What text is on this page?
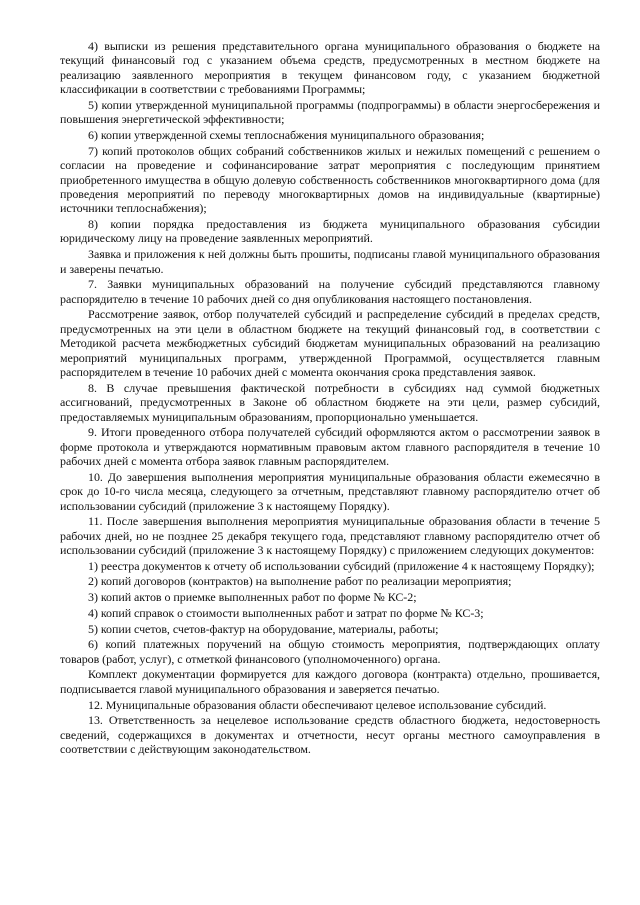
4) выписки из решения представительного органа муниципального образования о бюджете на текущий финансовый год с указанием объема средств, предусмотренных в местном бюджете на реализацию заявленного мероприятия в текущем финансовом году, с указанием бюджетной классификации в соответствии с требованиями Программы;

5) копии утвержденной муниципальной программы (подпрограммы) в области энергосбережения и повышения энергетической эффективности;

6) копии утвержденной схемы теплоснабжения муниципального образования;

7) копий протоколов общих собраний собственников жилых и нежилых помещений с решением о согласии на проведение и софинансирование затрат мероприятия с последующим принятием приобретенного имущества в общую долевую собственность собственников многоквартирного дома (для проведения мероприятий по переводу многоквартирных домов на индивидуальные (квартирные) источники теплоснабжения);

8) копии порядка предоставления из бюджета муниципального образования субсидии юридическому лицу на проведение заявленных мероприятий.

Заявка и приложения к ней должны быть прошиты, подписаны главой муниципального образования и заверены печатью.

7. Заявки муниципальных образований на получение субсидий представляются главному распорядителю в течение 10 рабочих дней со дня опубликования настоящего постановления.

Рассмотрение заявок, отбор получателей субсидий и распределение субсидий в пределах средств, предусмотренных на эти цели в областном бюджете на текущий финансовый год, в соответствии с Методикой расчета межбюджетных субсидий бюджетам муниципальных образований на реализацию мероприятий муниципальных программ, утвержденной Программой, осуществляется главным распорядителем в течение 10 рабочих дней с момента окончания срока представления заявок.

8. В случае превышения фактической потребности в субсидиях над суммой бюджетных ассигнований, предусмотренных в Законе об областном бюджете на эти цели, размер субсидий, предоставляемых муниципальным образованиям, пропорционально уменьшается.

9. Итоги проведенного отбора получателей субсидий оформляются актом о рассмотрении заявок в форме протокола и утверждаются нормативным правовым актом главного распорядителя в течение 10 рабочих дней с момента отбора заявок главным распорядителем.

10. До завершения выполнения мероприятия муниципальные образования области ежемесячно в срок до 10-го числа месяца, следующего за отчетным, представляют главному распорядителю отчет об использовании субсидий (приложение 3 к настоящему Порядку).

11. После завершения выполнения мероприятия муниципальные образования области в течение 5 рабочих дней, но не позднее 25 декабря текущего года, представляют главному распорядителю отчет об использовании субсидий (приложение 3 к настоящему Порядку) с приложением следующих документов:

1) реестра документов к отчету об использовании субсидий (приложение 4 к настоящему Порядку);

2) копий договоров (контрактов) на выполнение работ по реализации мероприятия;

3) копий актов о приемке выполненных работ по форме № КС-2;

4) копий справок о стоимости выполненных работ и затрат по форме № КС-3;

5) копии счетов, счетов-фактур на оборудование, материалы, работы;

6) копий платежных поручений на общую стоимость мероприятия, подтверждающих оплату товаров (работ, услуг), с отметкой финансового (уполномоченного) органа.

Комплект документации формируется для каждого договора (контракта) отдельно, прошивается, подписывается главой муниципального образования и заверяется печатью.

12. Муниципальные образования области обеспечивают целевое использование субсидий.

13. Ответственность за нецелевое использование средств областного бюджета, недостоверность сведений, содержащихся в документах и отчетности, несут органы местного самоуправления в соответствии с действующим законодательством.
